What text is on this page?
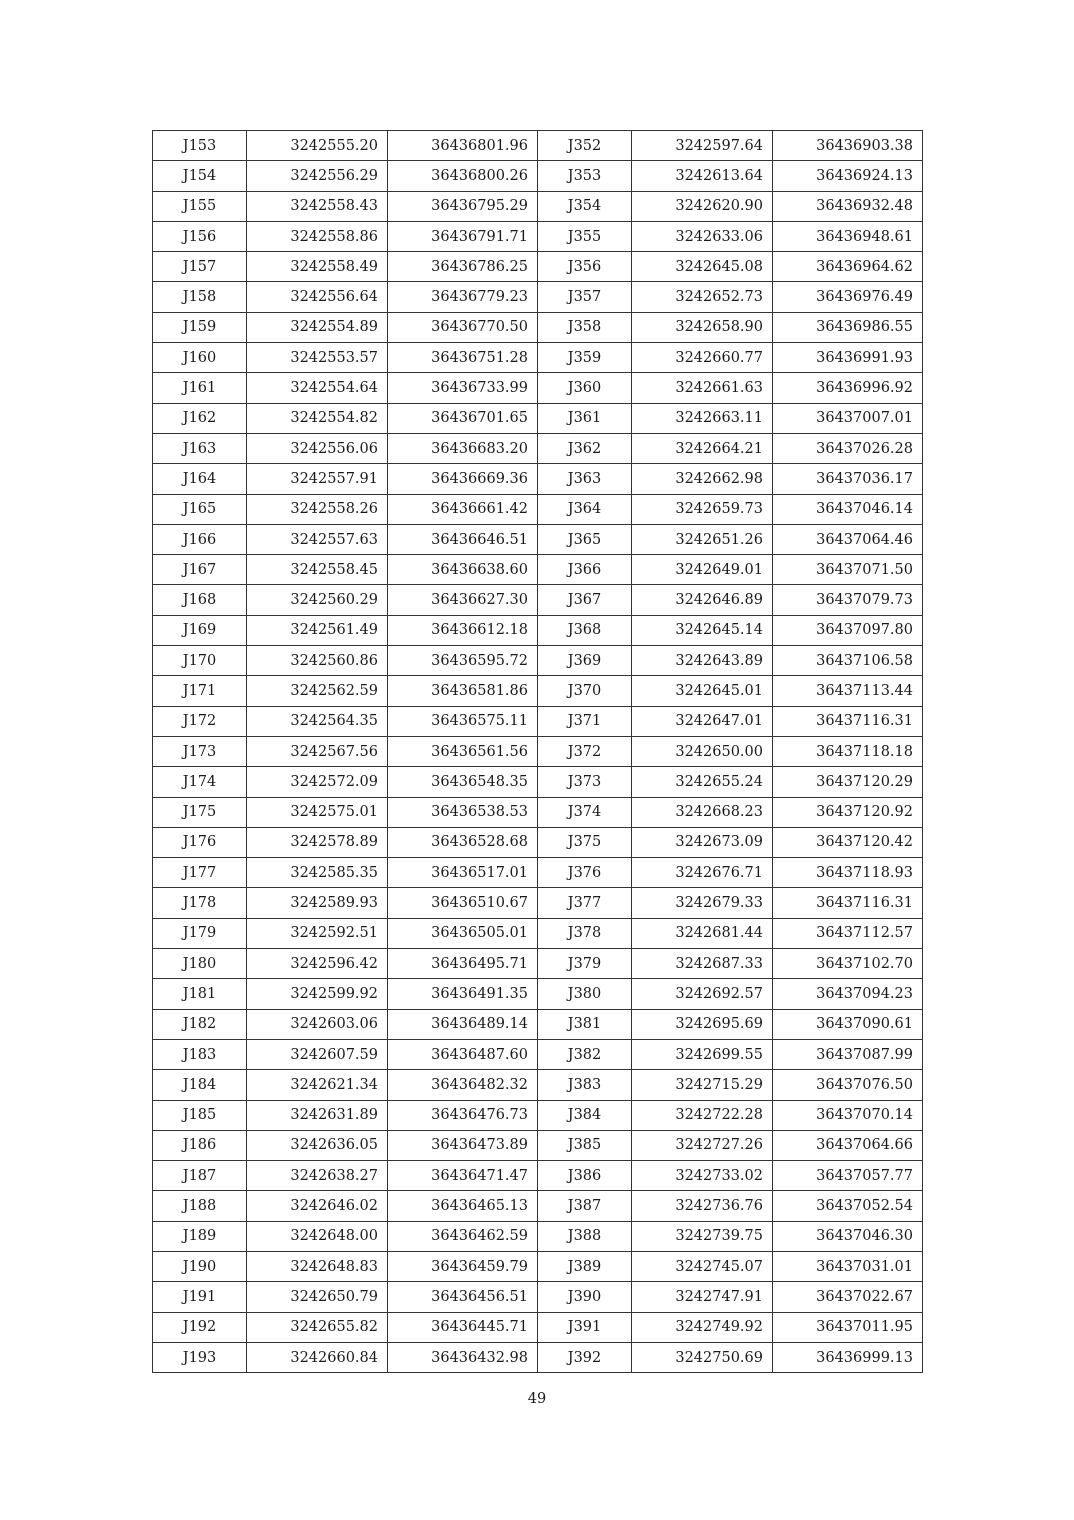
J153	3242555.20	36436801.96	J352	3242597.64	36436903.38
J154	3242556.29	36436800.26	J353	3242613.64	36436924.13
J155	3242558.43	36436795.29	J354	3242620.90	36436932.48
J156	3242558.86	36436791.71	J355	3242633.06	36436948.61
J157	3242558.49	36436786.25	J356	3242645.08	36436964.62
J158	3242556.64	36436779.23	J357	3242652.73	36436976.49
J159	3242554.89	36436770.50	J358	3242658.90	36436986.55
J160	3242553.57	36436751.28	J359	3242660.77	36436991.93
J161	3242554.64	36436733.99	J360	3242661.63	36436996.92
J162	3242554.82	36436701.65	J361	3242663.11	36437007.01
J163	3242556.06	36436683.20	J362	3242664.21	36437026.28
J164	3242557.91	36436669.36	J363	3242662.98	36437036.17
J165	3242558.26	36436661.42	J364	3242659.73	36437046.14
J166	3242557.63	36436646.51	J365	3242651.26	36437064.46
J167	3242558.45	36436638.60	J366	3242649.01	36437071.50
J168	3242560.29	36436627.30	J367	3242646.89	36437079.73
J169	3242561.49	36436612.18	J368	3242645.14	36437097.80
J170	3242560.86	36436595.72	J369	3242643.89	36437106.58
J171	3242562.59	36436581.86	J370	3242645.01	36437113.44
J172	3242564.35	36436575.11	J371	3242647.01	36437116.31
J173	3242567.56	36436561.56	J372	3242650.00	36437118.18
J174	3242572.09	36436548.35	J373	3242655.24	36437120.29
J175	3242575.01	36436538.53	J374	3242668.23	36437120.92
J176	3242578.89	36436528.68	J375	3242673.09	36437120.42
J177	3242585.35	36436517.01	J376	3242676.71	36437118.93
J178	3242589.93	36436510.67	J377	3242679.33	36437116.31
J179	3242592.51	36436505.01	J378	3242681.44	36437112.57
J180	3242596.42	36436495.71	J379	3242687.33	36437102.70
J181	3242599.92	36436491.35	J380	3242692.57	36437094.23
J182	3242603.06	36436489.14	J381	3242695.69	36437090.61
J183	3242607.59	36436487.60	J382	3242699.55	36437087.99
J184	3242621.34	36436482.32	J383	3242715.29	36437076.50
J185	3242631.89	36436476.73	J384	3242722.28	36437070.14
J186	3242636.05	36436473.89	J385	3242727.26	36437064.66
J187	3242638.27	36436471.47	J386	3242733.02	36437057.77
J188	3242646.02	36436465.13	J387	3242736.76	36437052.54
J189	3242648.00	36436462.59	J388	3242739.75	36437046.30
J190	3242648.83	36436459.79	J389	3242745.07	36437031.01
J191	3242650.79	36436456.51	J390	3242747.91	36437022.67
J192	3242655.82	36436445.71	J391	3242749.92	36437011.95
J193	3242660.84	36436432.98	J392	3242750.69	36436999.13
49
